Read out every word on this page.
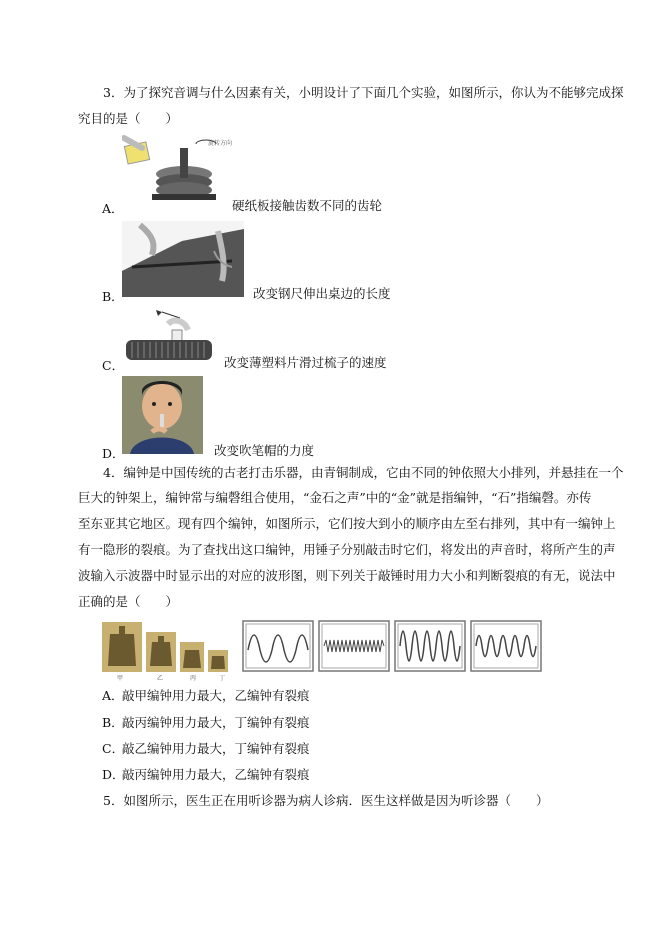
3．为了探究音调与什么因素有关，小明设计了下面几个实验，如图所示，你认为不能够完成探
究目的是（　　）
旋转方向
A．	硬纸板接触齿数不同的齿轮
B．	改变钢尺伸出桌边的长度
C．	改变薄塑料片滑过梳子的速度
D．	改变吹笔帽的力度
4．编钟是中国传统的古老打击乐器，由青铜制成，它由不同的钟依照大小排列，并悬挂在一个
巨大的钟架上，编钟常与编磬组合使用，“金石之声”中的“金”就是指编钟，“石”指编磬。亦传
至东亚其它地区。现有四个编钟，如图所示，它们按大到小的顺序由左至右排列，其中有一编钟上
有一隐形的裂痕。为了查找出这口编钟，用锤子分别敲击时它们，将发出的声音时，将所产生的声
波输入示波器中时显示出的对应的波形图，则下列关于敲锤时用力大小和判断裂痕的有无，说法中
正确的是（　　）
甲	乙	丙	丁
A．
敲甲编钟用力最大，乙编钟有裂痕
B．
敲丙编钟用力最大，丁编钟有裂痕
C．
敲乙编钟用力最大，丁编钟有裂痕
D．
敲丙编钟用力最大，乙编钟有裂痕
5．如图所示，医生正在用听诊器为病人诊病．医生这样做是因为听诊器（　　）
